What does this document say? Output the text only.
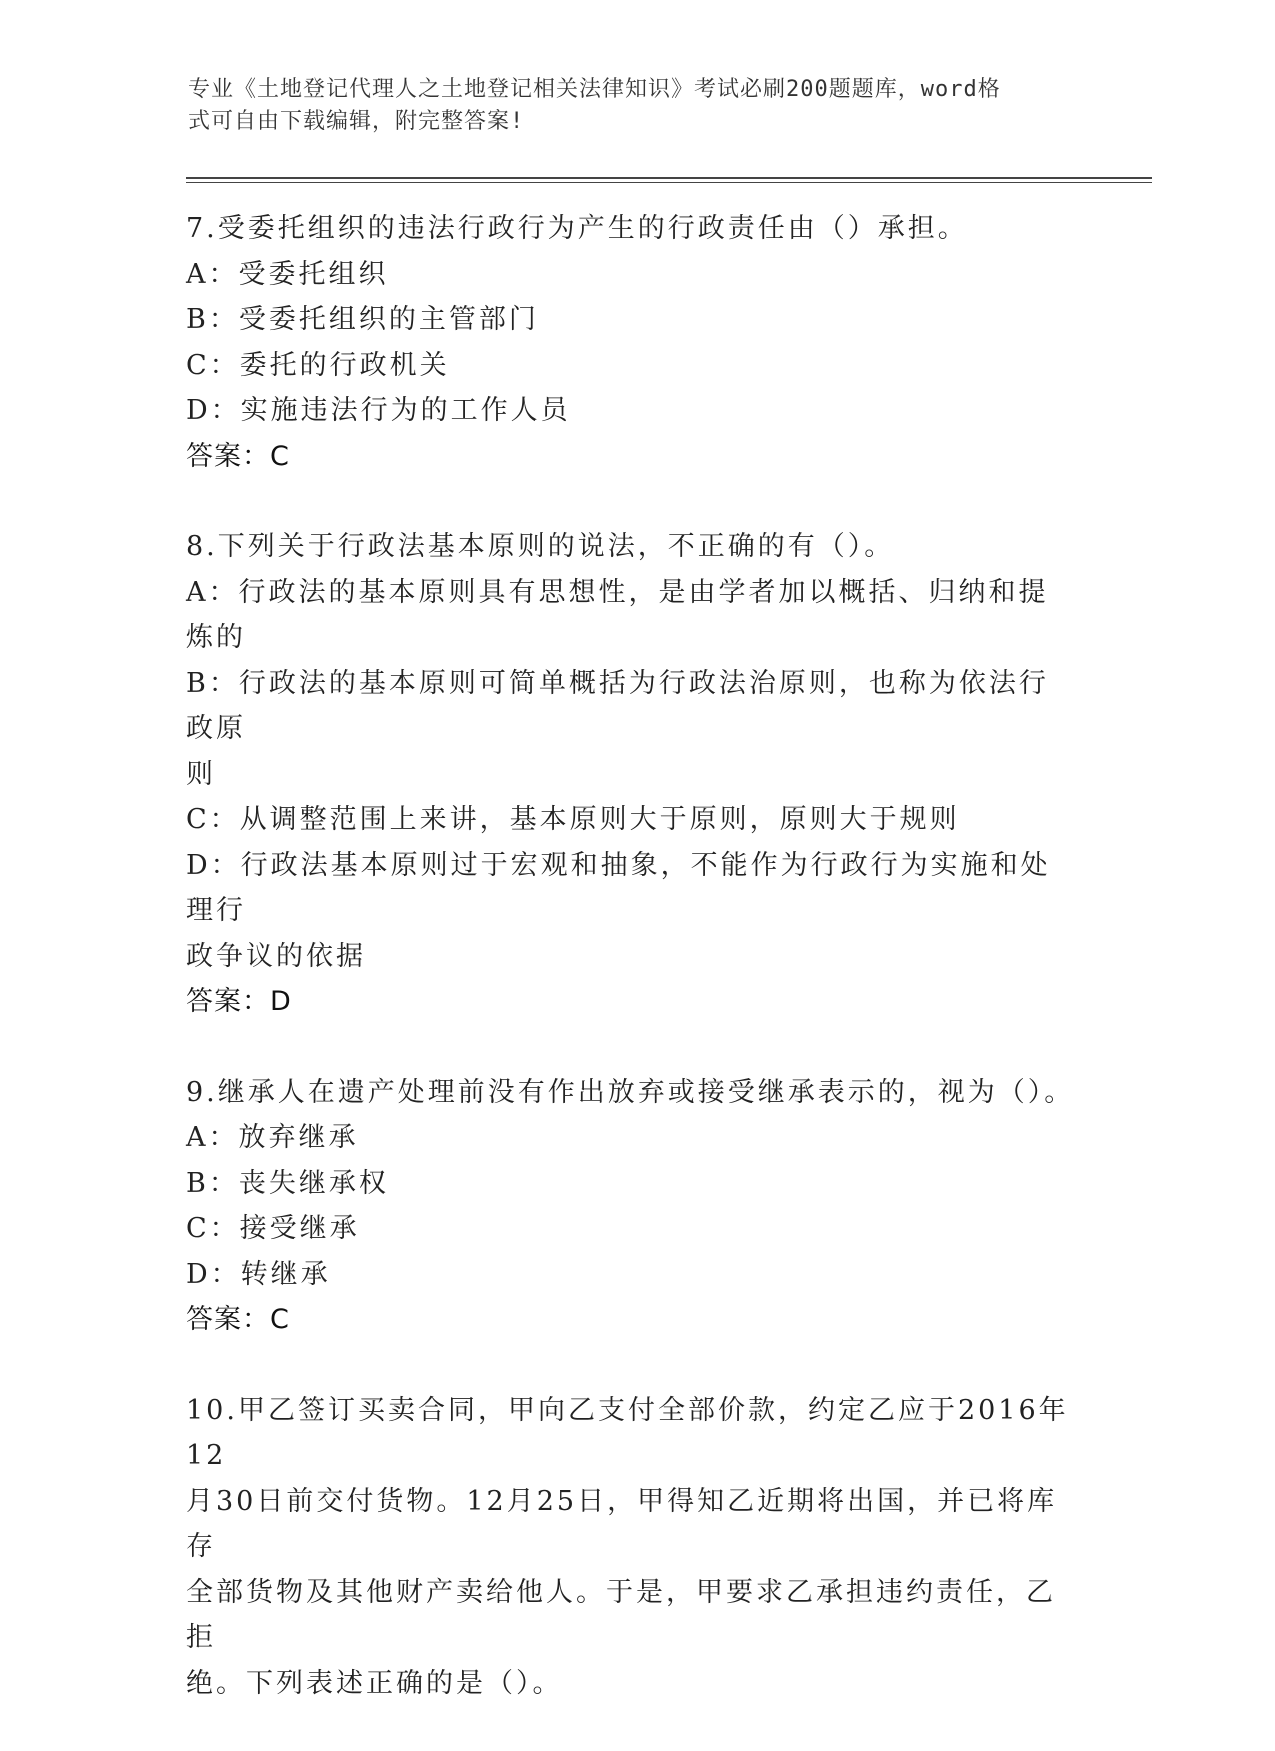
专业《土地登记代理人之土地登记相关法律知识》考试必刷200题题库，word格
式可自由下载编辑，附完整答案!
7.受委托组织的违法行政行为产生的行政责任由（）承担。
A：受委托组织
B：受委托组织的主管部门
C：委托的行政机关
D：实施违法行为的工作人员
答案：C
8.下列关于行政法基本原则的说法，不正确的有（）。
A：行政法的基本原则具有思想性，是由学者加以概括、归纳和提炼的
B：行政法的基本原则可简单概括为行政法治原则，也称为依法行政原
则
C：从调整范围上来讲，基本原则大于原则，原则大于规则
D：行政法基本原则过于宏观和抽象，不能作为行政行为实施和处理行
政争议的依据
答案：D
9.继承人在遗产处理前没有作出放弃或接受继承表示的，视为（）。
A：放弃继承
B：丧失继承权
C：接受继承
D：转继承
答案：C
10.甲乙签订买卖合同，甲向乙支付全部价款，约定乙应于2016年12
月30日前交付货物。12月25日，甲得知乙近期将出国，并已将库存
全部货物及其他财产卖给他人。于是，甲要求乙承担违约责任，乙拒
绝。下列表述正确的是（）。
